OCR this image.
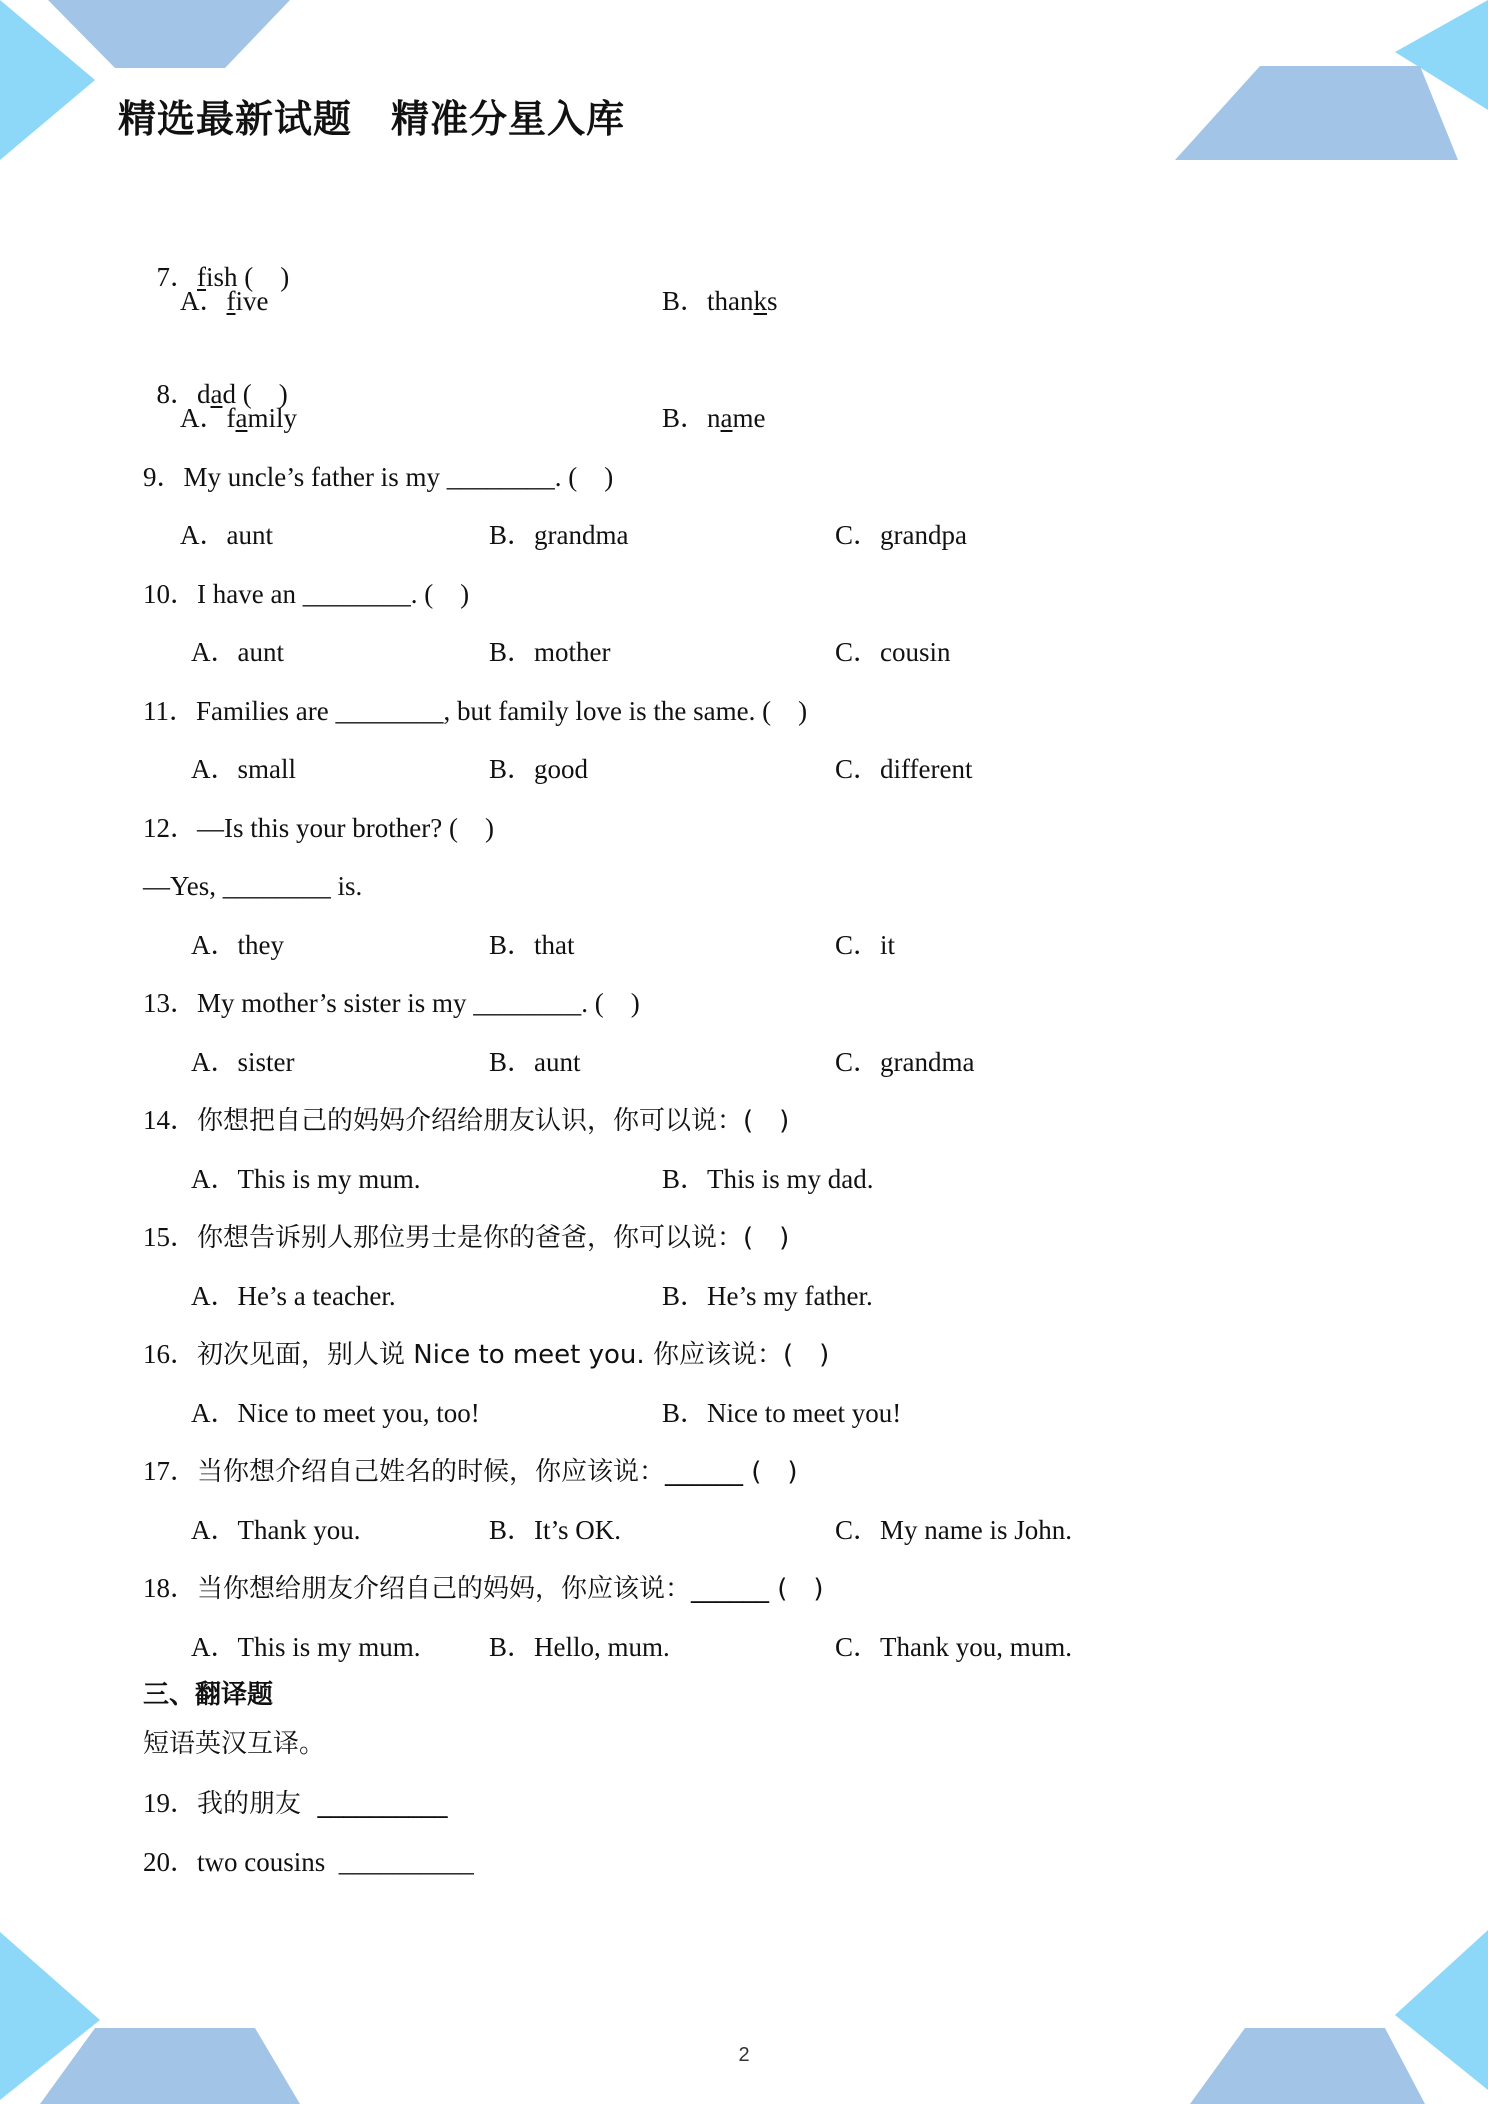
精选最新试题　精准分星入库

7．fish (　)

A．five	B．thanks

8．dad (　)

A．family	B．name
9．My uncle’s father is my ________. (　)
A．aunt	B．grandma	C．grandpa
10．I have an ________. (　)
A．aunt	B．mother	C．cousin
11．Families are ________, but family love is the same. (　)
A．small	B．good	C．different
12．—Is this your brother? (　)
—Yes, ________ is.
A．they	B．that	C．it
13．My mother’s sister is my ________. (　)
A．sister	B．aunt	C．grandma
14．你想把自己的妈妈介绍给朋友认识，你可以说：(　)
A．This is my mum.	B．This is my dad.
15．你想告诉别人那位男士是你的爸爸，你可以说：(　)
A．He’s a teacher.	B．He’s my father.
16．初次见面，别人说 Nice to meet you. 你应该说：(　)
A．Nice to meet you, too!	B．Nice to meet you!
17．当你想介绍自己姓名的时候，你应该说：______ (　)
A．Thank you.	B．It’s OK.	C．My name is John.
18．当你想给朋友介绍自己的妈妈，你应该说：______ (　)
A．This is my mum.	B．Hello, mum.	C．Thank you, mum.
三、翻译题
短语英汉互译。
19．我的朋友  __________
20．two cousins  __________
2
